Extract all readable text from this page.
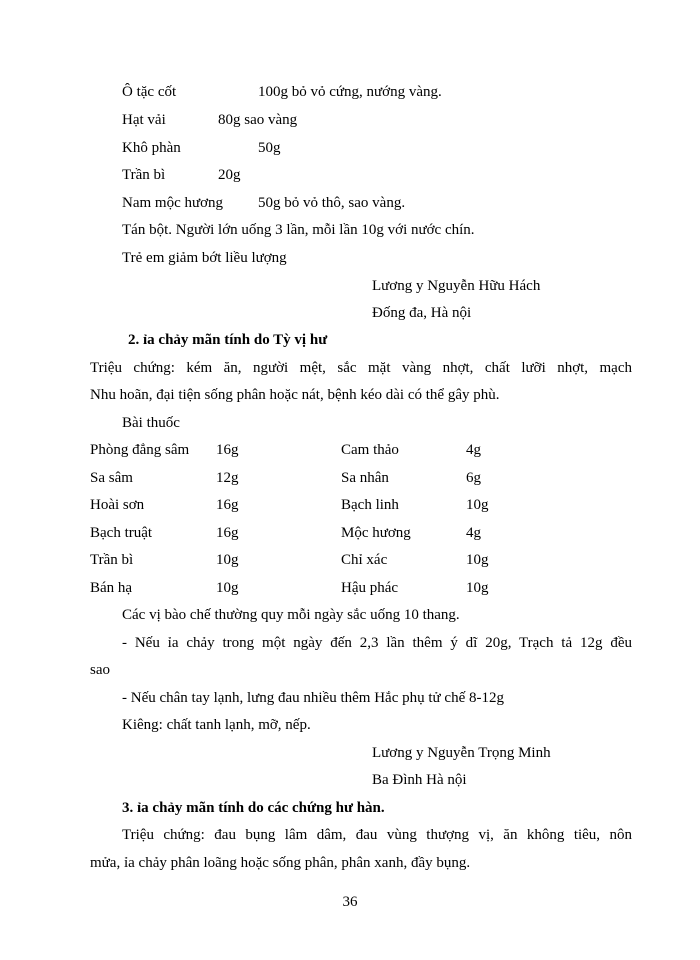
Ô tặc cốt	100g bỏ vỏ cứng, nướng vàng.
Hạt vải	80g sao vàng
Khô phàn	50g
Trần bì	20g
Nam mộc hương 50g bỏ vỏ thô, sao vàng.
Tán bột. Người lớn uống 3 lần, mỗi lần 10g với nước chín.
Trẻ em giảm bớt liều lượng
Lương y Nguyễn Hữu Hách
Đống đa, Hà nội
2. ỉa chảy mãn tính do Tỳ vị hư
Triệu chứng: kém ăn, người mệt, sắc mặt vàng nhợt, chất lưỡi nhợt, mạch
Nhu hoãn, đại tiện sống phân hoặc nát, bệnh kéo dài có thể gây phù.
Bài thuốc
Phòng đẳng sâm 16g	Cam thảo	4g
Sa sâm	12g	Sa nhân	6g
Hoài sơn	16g	Bạch linh	10g
Bạch truật	16g	Mộc hương	4g
Trần bì	10g	Chỉ xác	10g
Bán hạ	10g	Hậu phác	10g
Các vị bào chế thường quy mỗi ngày sắc uống 10 thang.
- Nếu ỉa chảy trong một ngày đến 2,3 lần thêm ý dĩ 20g, Trạch tả 12g đều
sao
- Nếu chân tay lạnh, lưng đau nhiều thêm Hắc phụ tử chế 8-12g
Kiêng: chất tanh lạnh, mỡ, nếp.
Lương y Nguyễn Trọng Minh
Ba Đình Hà nội
3. ỉa chảy mãn tính do các chứng hư hàn.
Triệu chứng: đau bụng lâm dâm, đau vùng thượng vị, ăn không tiêu, nôn
mửa, ỉa chảy phân loãng hoặc sống phân, phân xanh, đầy bụng.
36
